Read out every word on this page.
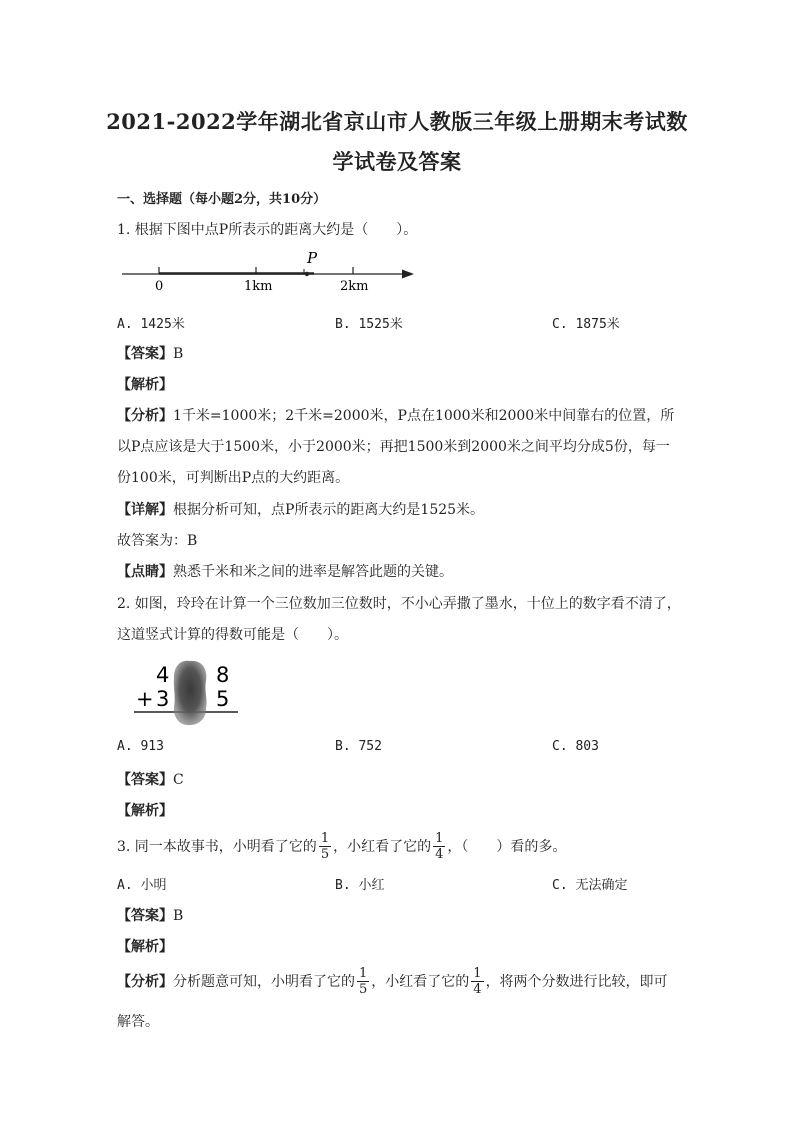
2021-2022学年湖北省京山市人教版三年级上册期末考试数
学试卷及答案
一、选择题（每小题2分，共10分）
1. 根据下图中点P所表示的距离大约是（　　）。
P
0	1km	2km
A. 1425米	B. 1525米	C. 1875米
【答案】B
【解析】
【分析】1千米=1000米；2千米=2000米，P点在1000米和2000米中间靠右的位置，所
以P点应该是大于1500米，小于2000米；再把1500米到2000米之间平均分成5份，每一
份100米，可判断出P点的大约距离。
【详解】根据分析可知，点P所表示的距离大约是1525米。
故答案为：B
【点睛】熟悉千米和米之间的进率是解答此题的关键。
2. 如图，玲玲在计算一个三位数加三位数时，不小心弄撒了墨水，十位上的数字看不清了，
这道竖式计算的得数可能是（　　）。
4 8
+ 3 5
A. 913	B. 752	C. 803
【答案】C
【解析】
3. 同一本故事书，小明看了它的 $\frac{1}{5}$ ，小红看了它的 $\frac{1}{4}$ ，（　　）看的多。
A. 小明	B. 小红	C. 无法确定
【答案】B
【解析】
【分析】 分析题意可知，小明看了它的 $\frac{1}{5}$ ，小红看了它的 $\frac{1}{4}$ ，将两个分数进行比较，即可
解答。
